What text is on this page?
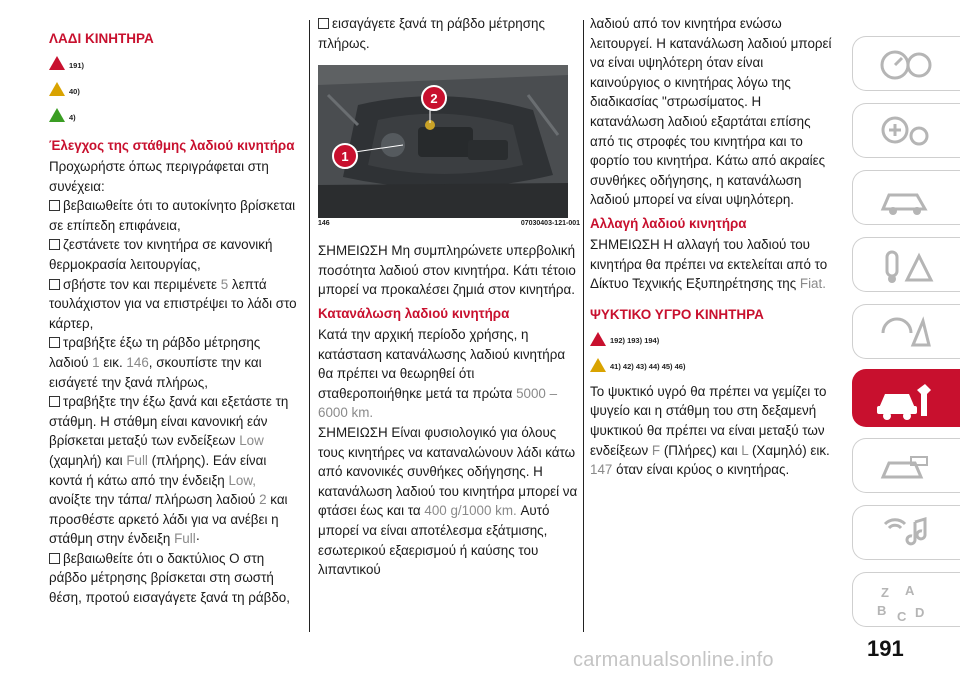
ΛΑΔΙ ΚΙΝΗΤΗΡΑ
191)
40)
4)
Έλεγχος της στάθμης λαδιού κινητήρα

Προχωρήστε όπως περιγράφεται στη συνέχεια:

βεβαιωθείτε ότι το αυτοκίνητο βρίσκεται σε επίπεδη επιφάνεια,

ζεστάνετε τον κινητήρα σε κανονική θερμοκρασία λειτουργίας,

σβήστε τον και περιμένετε 5 λεπτά τουλάχιστον για να επιστρέψει το λάδι στο κάρτερ,

τραβήξτε έξω τη ράβδο μέτρησης λαδιού 1 εικ. 146, σκουπίστε την και εισάγετέ την ξανά πλήρως,

τραβήξτε την έξω ξανά και εξετάστε τη στάθμη. Η στάθμη είναι κανονική εάν βρίσκεται μεταξύ των ενδείξεων Low (χαμηλή) και Full (πλήρης). Εάν είναι κοντά ή κάτω από την ένδειξη Low, ανοίξτε την τάπα/ πλήρωση λαδιού 2 και προσθέστε αρκετό λάδι για να ανέβει η στάθμη στην ένδειξη Full·

βεβαιωθείτε ότι ο δακτύλιος O στη ράβδο μέτρησης βρίσκεται στη σωστή θέση, προτού εισαγάγετε ξανά τη ράβδο,

εισαγάγετε ξανά τη ράβδο μέτρησης πλήρως.

1
2
146	07030403-121-001

ΣΗΜΕΙΩΣΗ Μη συμπληρώνετε υπερβολική ποσότητα λαδιού στον κινητήρα. Κάτι τέτοιο μπορεί να προκαλέσει ζημιά στον κινητήρα.

Κατανάλωση λαδιού κινητήρα

Κατά την αρχική περίοδο χρήσης, η κατάσταση κατανάλωσης λαδιού κινητήρα θα πρέπει να θεωρηθεί ότι σταθεροποιήθηκε μετά τα πρώτα 5000 – 6000 km.

ΣΗΜΕΙΩΣΗ Είναι φυσιολογικό για όλους τους κινητήρες να καταναλώνουν λάδι κάτω από κανονικές συνθήκες οδήγησης. Η κατανάλωση λαδιού του κινητήρα μπορεί να φτάσει έως και τα 400 g/1000 km. Αυτό μπορεί να είναι αποτέλεσμα εξάτμισης, εσωτερικού εξαερισμού ή καύσης του λιπαντικού

λαδιού από τον κινητήρα ενώσω λειτουργεί. Η κατανάλωση λαδιού μπορεί να είναι υψηλότερη όταν είναι καινούργιος ο κινητήρας λόγω της διαδικασίας "στρωσίματος. Η κατανάλωση λαδιού εξαρτάται επίσης από τις στροφές του κινητήρα και το φορτίο του κινητήρα. Κάτω από ακραίες συνθήκες οδήγησης, η κατανάλωση λαδιού μπορεί να είναι υψηλότερη.

Αλλαγή λαδιού κινητήρα

ΣΗΜΕΙΩΣΗ Η αλλαγή του λαδιού του κινητήρα θα πρέπει να εκτελείται από το Δίκτυο Τεχνικής Εξυπηρέτησης της Fiat.

ΨΥΚΤΙΚΟ ΥΓΡΟ ΚΙΝΗΤΗΡΑ
192) 193) 194)
41) 42) 43) 44) 45) 46)

Το ψυκτικό υγρό θα πρέπει να γεμίζει το ψυγείο και η στάθμη του στη δεξαμενή ψυκτικού θα πρέπει να είναι μεταξύ των ενδείξεων F (Πλήρες) και L (Χαμηλό) εικ. 147 όταν είναι κρύος ο κινητήρας.

Z
B C D
A
191
carmanualsonline.info
